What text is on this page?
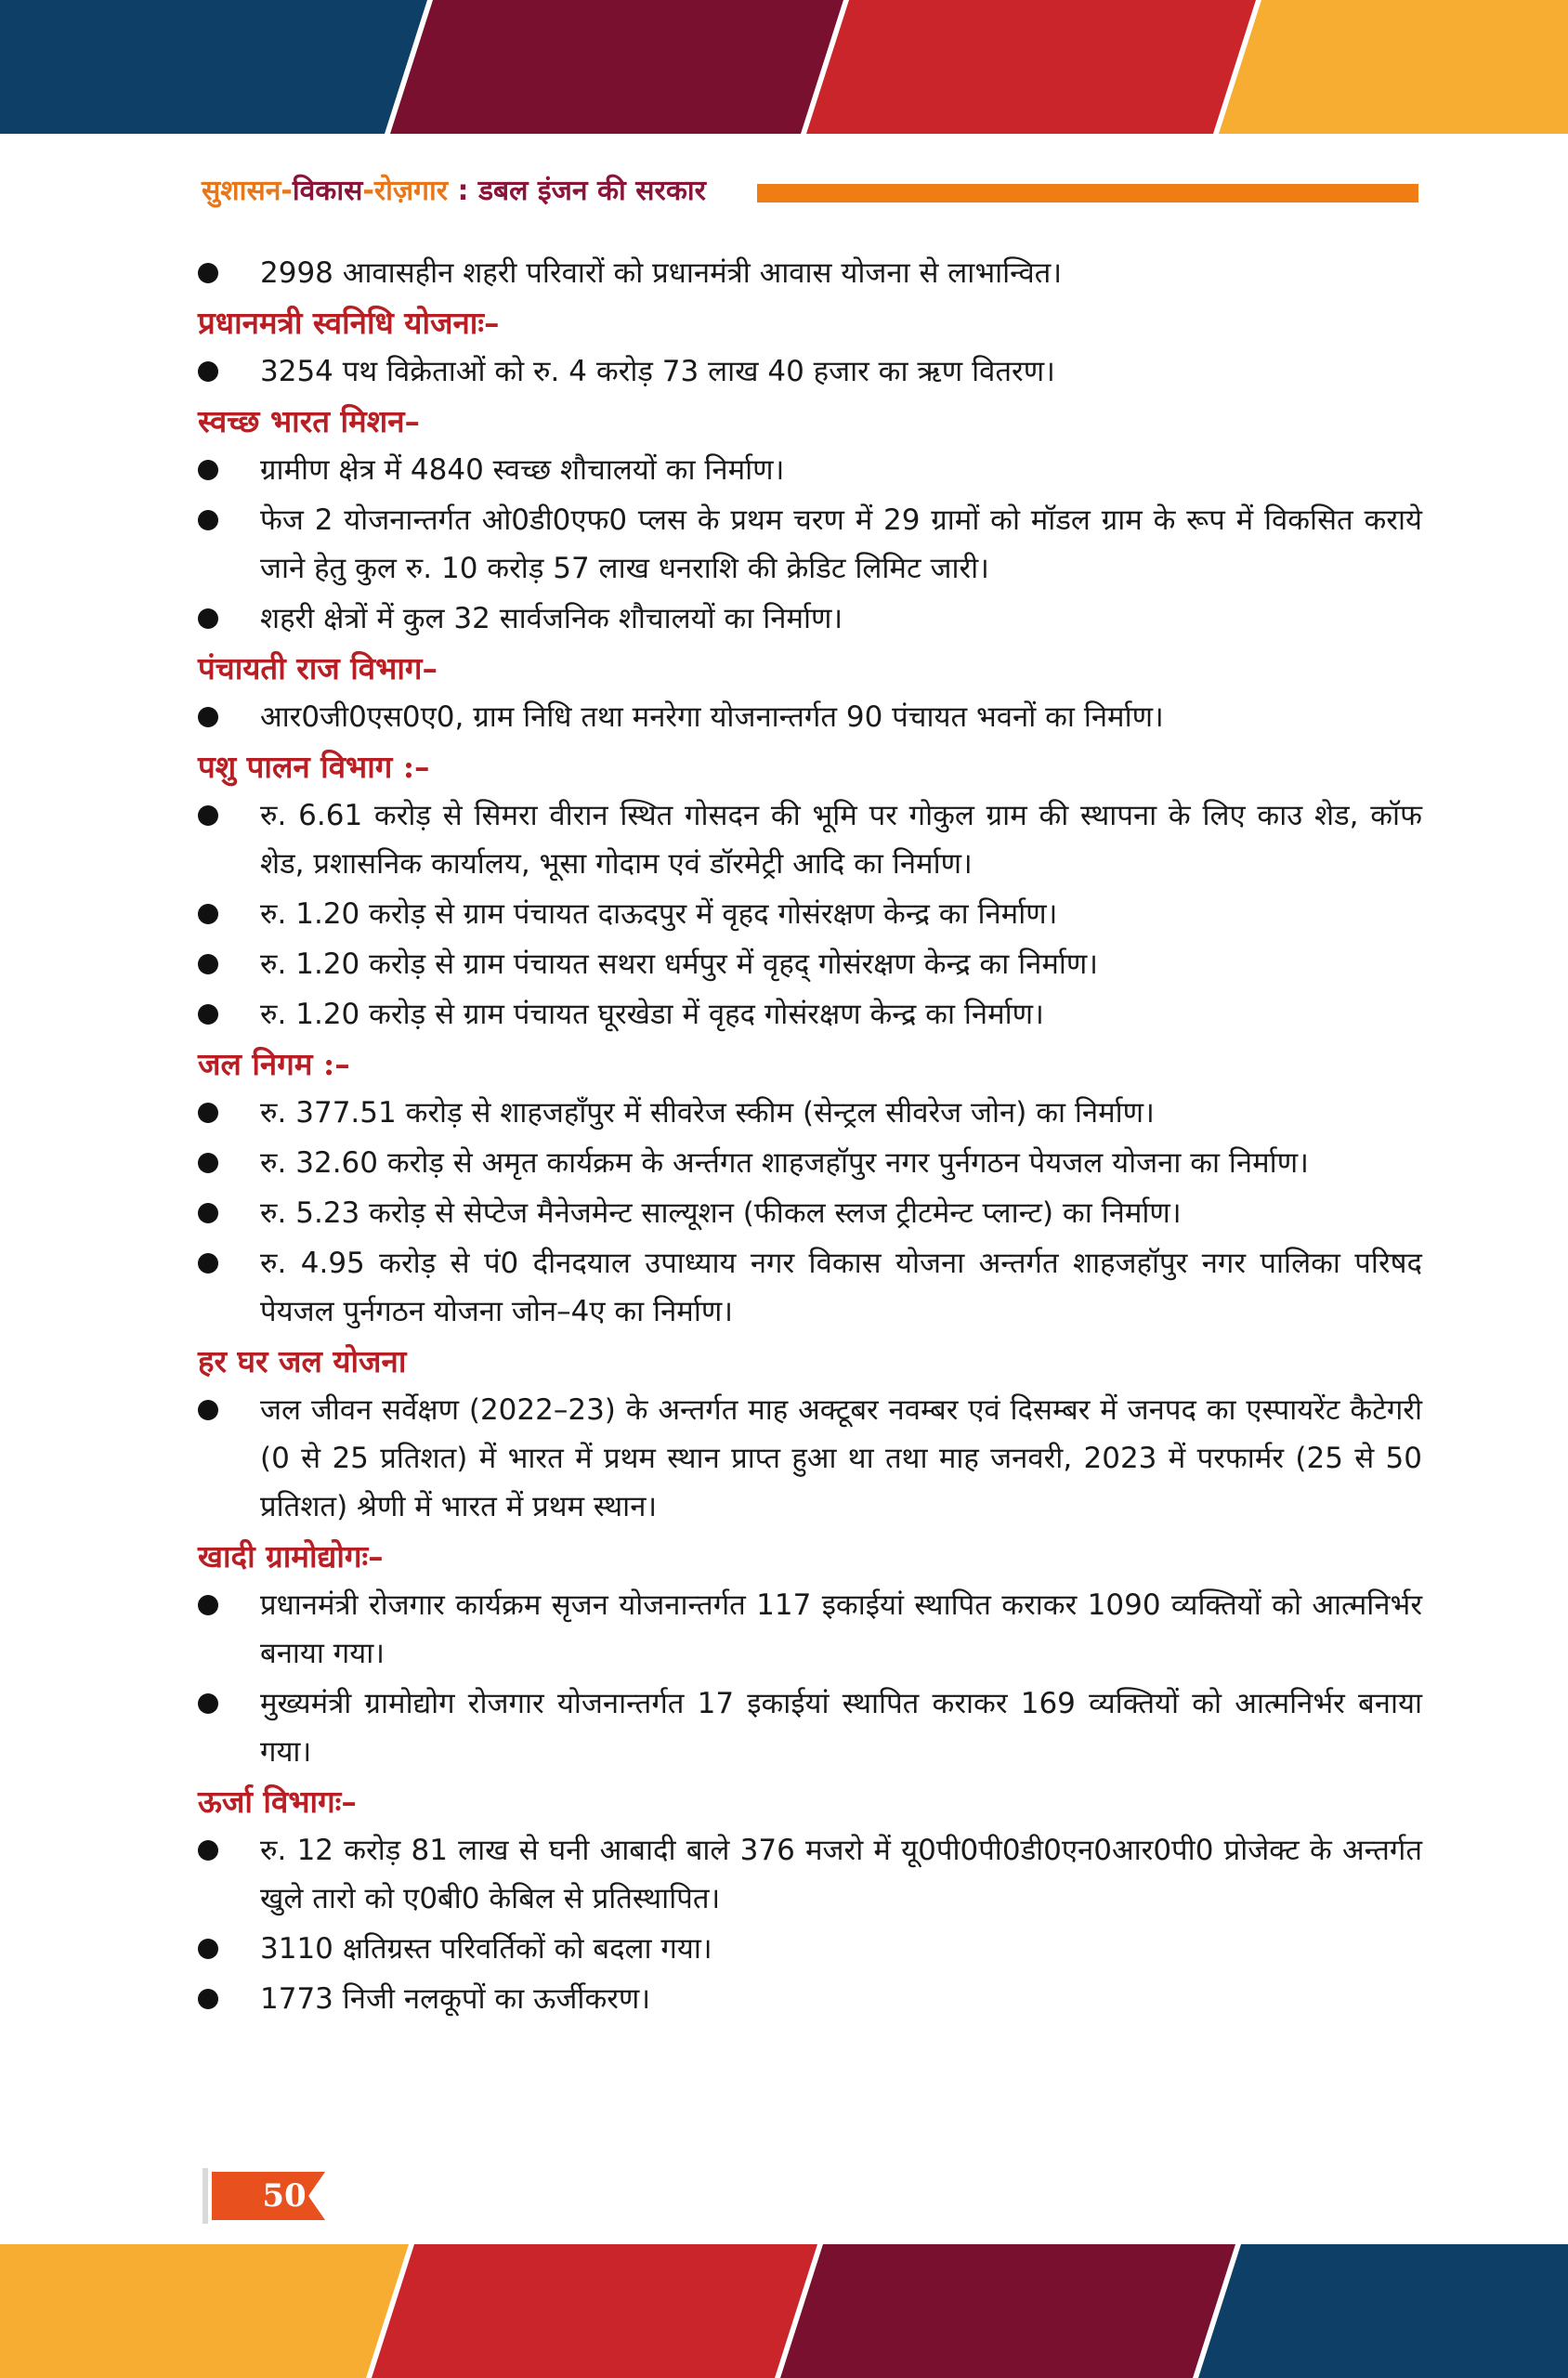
सुशासन-विकास-रोज़गार : डबल इंजन की सरकार
2998 आवासहीन शहरी परिवारों को प्रधानमंत्री आवास योजना से लाभान्वित।
प्रधानमत्री स्वनिधि योजनाः–
3254 पथ विक्रेताओं को रु. 4 करोड़ 73 लाख 40 हजार का ऋण वितरण।
स्वच्छ भारत मिशन–
ग्रामीण क्षेत्र में 4840 स्वच्छ शौचालयों का निर्माण।
फेज 2 योजनान्तर्गत ओ0डी0एफ0 प्लस के प्रथम चरण में 29 ग्रामों को मॉडल ग्राम के रूप में विकसित कराये जाने हेतु कुल रु. 10 करोड़ 57 लाख धनराशि की क्रेडिट लिमिट जारी।
शहरी क्षेत्रों में कुल 32 सार्वजनिक शौचालयों का निर्माण।
पंचायती राज विभाग–
आर0जी0एस0ए0, ग्राम निधि तथा मनरेगा योजनान्तर्गत 90 पंचायत भवनों का निर्माण।
पशु पालन विभाग :–
रु. 6.61 करोड़ से सिमरा वीरान स्थित गोसदन की भूमि पर गोकुल ग्राम की स्थापना के लिए काउ शेड, कॉफ शेड, प्रशासनिक कार्यालय, भूसा गोदाम एवं डॉरमेट्री आदि का निर्माण।
रु. 1.20 करोड़ से ग्राम पंचायत दाऊदपुर में वृहद गोसंरक्षण केन्द्र का निर्माण।
रु. 1.20 करोड़ से ग्राम पंचायत सथरा धर्मपुर में वृहद् गोसंरक्षण केन्द्र का निर्माण।
रु. 1.20 करोड़ से ग्राम पंचायत घूरखेडा में वृहद गोसंरक्षण केन्द्र का निर्माण।
जल निगम :–
रु. 377.51 करोड़ से शाहजहाँपुर में सीवरेज स्कीम (सेन्ट्रल सीवरेज जोन) का निर्माण।
रु. 32.60 करोड़ से अमृत कार्यक्रम के अर्न्तगत शाहजहॉपुर नगर पुर्नगठन पेयजल योजना का निर्माण।
रु. 5.23 करोड़ से सेप्टेज मैनेजमेन्ट साल्यूशन (फीकल स्लज ट्रीटमेन्ट प्लान्ट) का निर्माण।
रु. 4.95 करोड़ से पं0 दीनदयाल उपाध्याय नगर विकास योजना अन्तर्गत शाहजहॉपुर नगर पालिका परिषद पेयजल पुर्नगठन योजना जोन–4ए का निर्माण।
हर घर जल योजना
जल जीवन सर्वेक्षण (2022–23) के अन्तर्गत माह अक्टूबर नवम्बर एवं दिसम्बर में जनपद का एस्पायरेंट कैटेगरी (0 से 25 प्रतिशत) में भारत में प्रथम स्थान प्राप्त हुआ था तथा माह जनवरी, 2023 में परफार्मर (25 से 50 प्रतिशत) श्रेणी में भारत में प्रथम स्थान।
खादी ग्रामोद्योगः–
प्रधानमंत्री रोजगार कार्यक्रम सृजन योजनान्तर्गत 117 इकाईयां स्थापित कराकर 1090 व्यक्तियों को आत्मनिर्भर बनाया गया।
मुख्यमंत्री ग्रामोद्योग रोजगार योजनान्तर्गत 17 इकाईयां स्थापित कराकर 169 व्यक्तियों को आत्मनिर्भर बनाया गया।
ऊर्जा विभागः–
रु. 12 करोड़ 81 लाख से घनी आबादी बाले 376 मजरो में यू0पी0पी0डी0एन0आर0पी0 प्रोजेक्ट के अन्तर्गत खुले तारो को ए0बी0 केबिल से प्रतिस्थापित।
3110 क्षतिग्रस्त परिवर्तिकों को बदला गया।
1773 निजी नलकूपों का ऊर्जीकरण।
50
